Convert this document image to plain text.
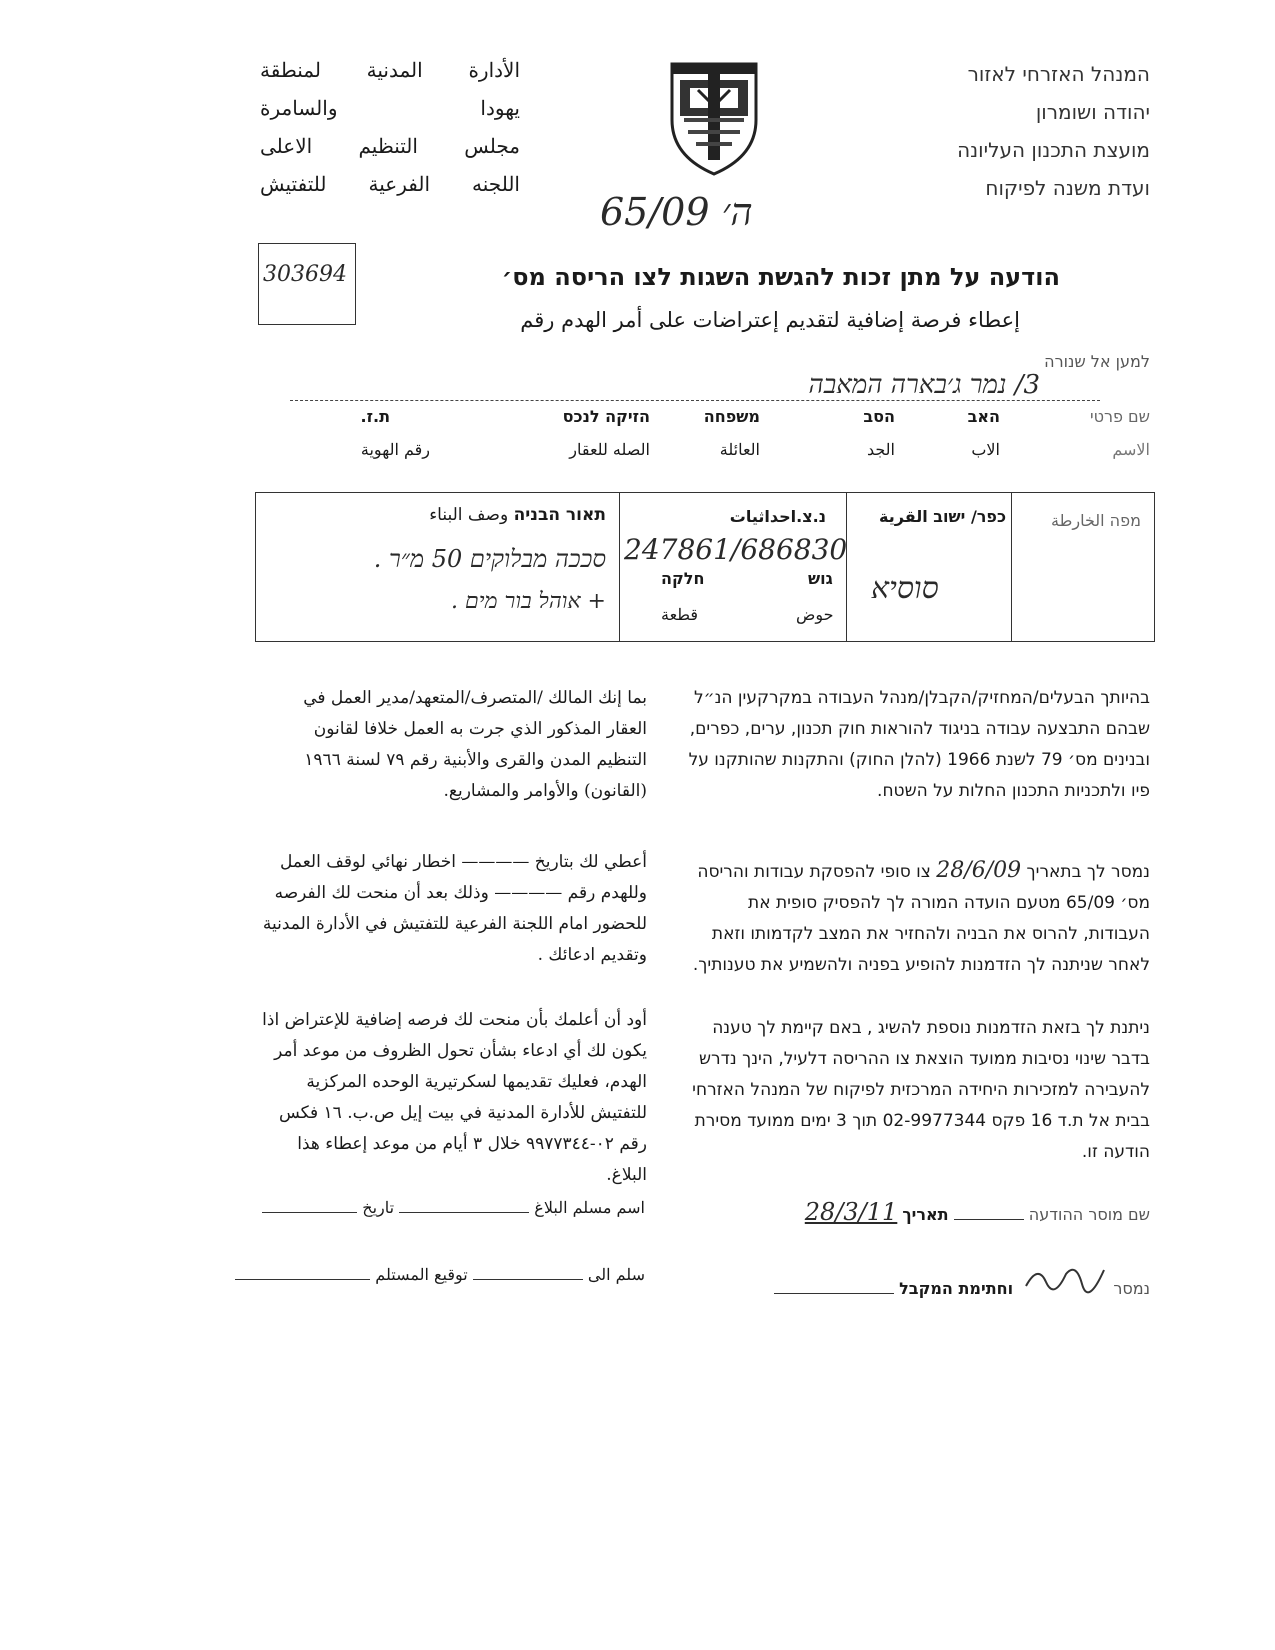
الأدارة
المدنية
لمنطقة
يهودا
والسامرة
مجلس
التنظيم
الاعلى
اللجنه
الفرعية
للتفتيش
המנהל האזרחי לאזור
יהודה ושומרון
מועצת התכנון העליונה
ועדת משנה לפיקוח
ה׳ 65/09
303694	הודעה על מתן זכות להגשת השגות לצו הריסה מס׳
إعطاء فرصة إضافية لتقديم إعتراضات على أمر الهدم رقم
למען אל שנורה
3/ נמר ג׳בארה המאבה
שם פרטי
האב
הסב
משפחה
הזיקה לנכס
ת.ז.
الاسم
الاب
الجد
العائلة
الصله للعقار
رقم الهوية
מפה الخارطة
כפר/ ישוב القرية
סוסיא
נ.צ.احداثيات
247861/686830
גוש
חלקה
حوض
قطعة
תאור הבניה وصف البناء
סככה מבלוקים 50 מ״ר .
+ אוהל בור מים .
بما إنك المالك /المتصرف/المتعهد/مدير العمل في العقار المذكور الذي جرت به العمل خلافا لقانون التنظيم المدن والقرى والأبنية رقم ٧٩ لسنة ١٩٦٦ (القانون) والأوامر والمشاريع.
أعطي لك بتاريخ ———— اخطار نهائي لوقف العمل وللهدم رقم ———— وذلك بعد أن منحت لك الفرصه للحضور امام اللجنة الفرعية للتفتيش في الأدارة المدنية وتقديم ادعائك .
أود أن أعلمك بأن منحت لك فرصه إضافية للإعتراض اذا يكون لك أي ادعاء بشأن تحول الظروف من موعد أمر الهدم، فعليك تقديمها لسكرتيرية الوحده المركزية للتفتيش للأدارة المدنية في بيت إيل ص.ب. ١٦ فكس رقم ٠٢-٩٩٧٧٣٤٤ خلال ٣ أيام من موعد إعطاء هذا البلاغ.
اسم مسلم البلاغ  تاريخ
سلم الى  توقيع المستلم
בהיותך הבעלים/המחזיק/הקבלן/מנהל העבודה במקרקעין הנ״ל שבהם התבצעה עבודה בניגוד להוראות חוק תכנון, ערים, כפרים, ובנינים מס׳ 79 לשנת 1966 (להלן החוק) והתקנות שהותקנו על פיו ולתכניות התכנון החלות על השטח.
נמסר לך בתאריך 28/6/09 צו סופי להפסקת עבודות והריסה מס׳ 65/09 מטעם הועדה המורה לך להפסיק סופית את העבודות, להרוס את הבניה ולהחזיר את המצב לקדמותו וזאת לאחר שניתנה לך הזדמנות להופיע בפניה ולהשמיע את טענותיך.
ניתנת לך בזאת הזדמנות נוספת להשיג , באם קיימת לך טענה בדבר שינוי נסיבות ממועד הוצאת צו ההריסה דלעיל, הינך נדרש להעבירה למזכירות היחידה המרכזית לפיקוח של המנהל האזרחי בבית אל ת.ד 16 פקס 02-9977344 תוך 3 ימים ממועד מסירת הודעה זו.
שם מוסר ההודעה  תאריך 28/3/11
נמסר  וחתימת המקבל
